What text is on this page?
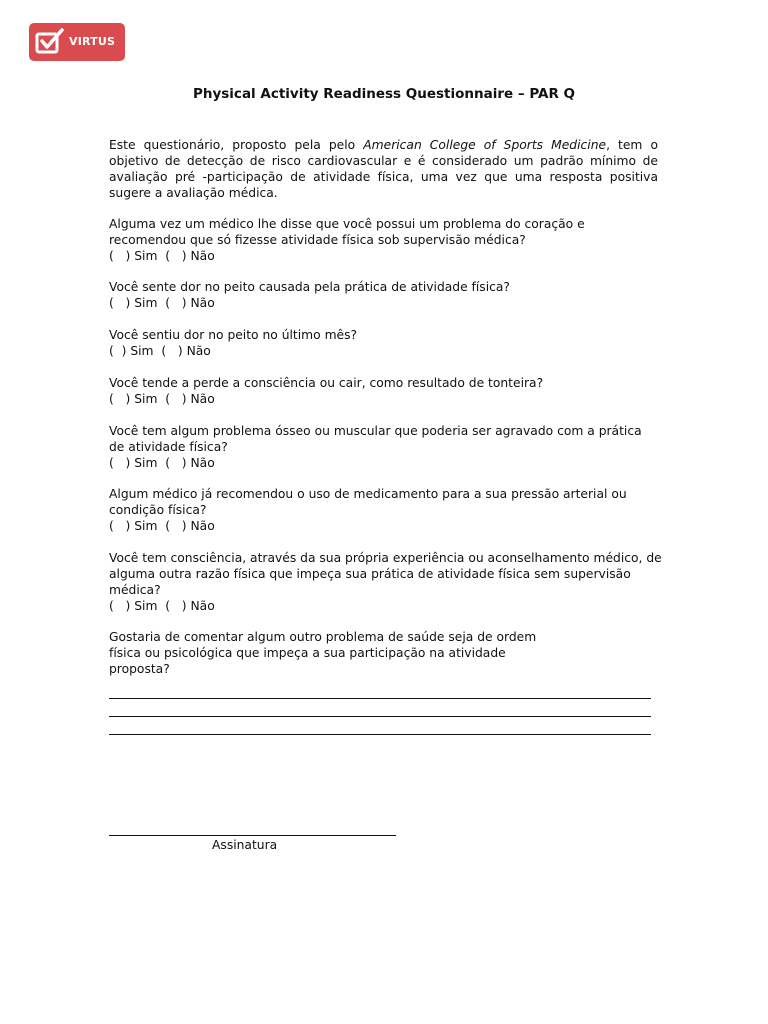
VIRTUS
Physical Activity Readiness Questionnaire – PAR Q
Este questionário, proposto pela pelo American College of Sports Medicine, tem o objetivo de detecção de risco cardiovascular e é considerado um padrão mínimo de avaliação pré -participação de atividade física, uma vez que uma resposta positiva sugere a avaliação médica.
Alguma vez um médico lhe disse que você possui um problema do coração e recomendou que só fizesse atividade física sob supervisão médica?
(   ) Sim  (   ) Não
Você sente dor no peito causada pela prática de atividade física?
(   ) Sim  (   ) Não
Você sentiu dor no peito no último mês?
(  ) Sim  (   ) Não
Você tende a perde a consciência ou cair, como resultado de tonteira?
(   ) Sim  (   ) Não
Você tem algum problema ósseo ou muscular que poderia ser agravado com a prática de atividade física?
(   ) Sim  (   ) Não
Algum médico já recomendou o uso de medicamento para a sua pressão arterial ou condição física?
(   ) Sim  (   ) Não
Você tem consciência, através da sua própria experiência ou aconselhamento médico, de alguma outra razão física que impeça sua prática de atividade física sem supervisão médica?
(   ) Sim  (   ) Não
Gostaria de comentar algum outro problema de saúde seja de ordem física ou psicológica que impeça a sua participação na atividade proposta?
Assinatura
